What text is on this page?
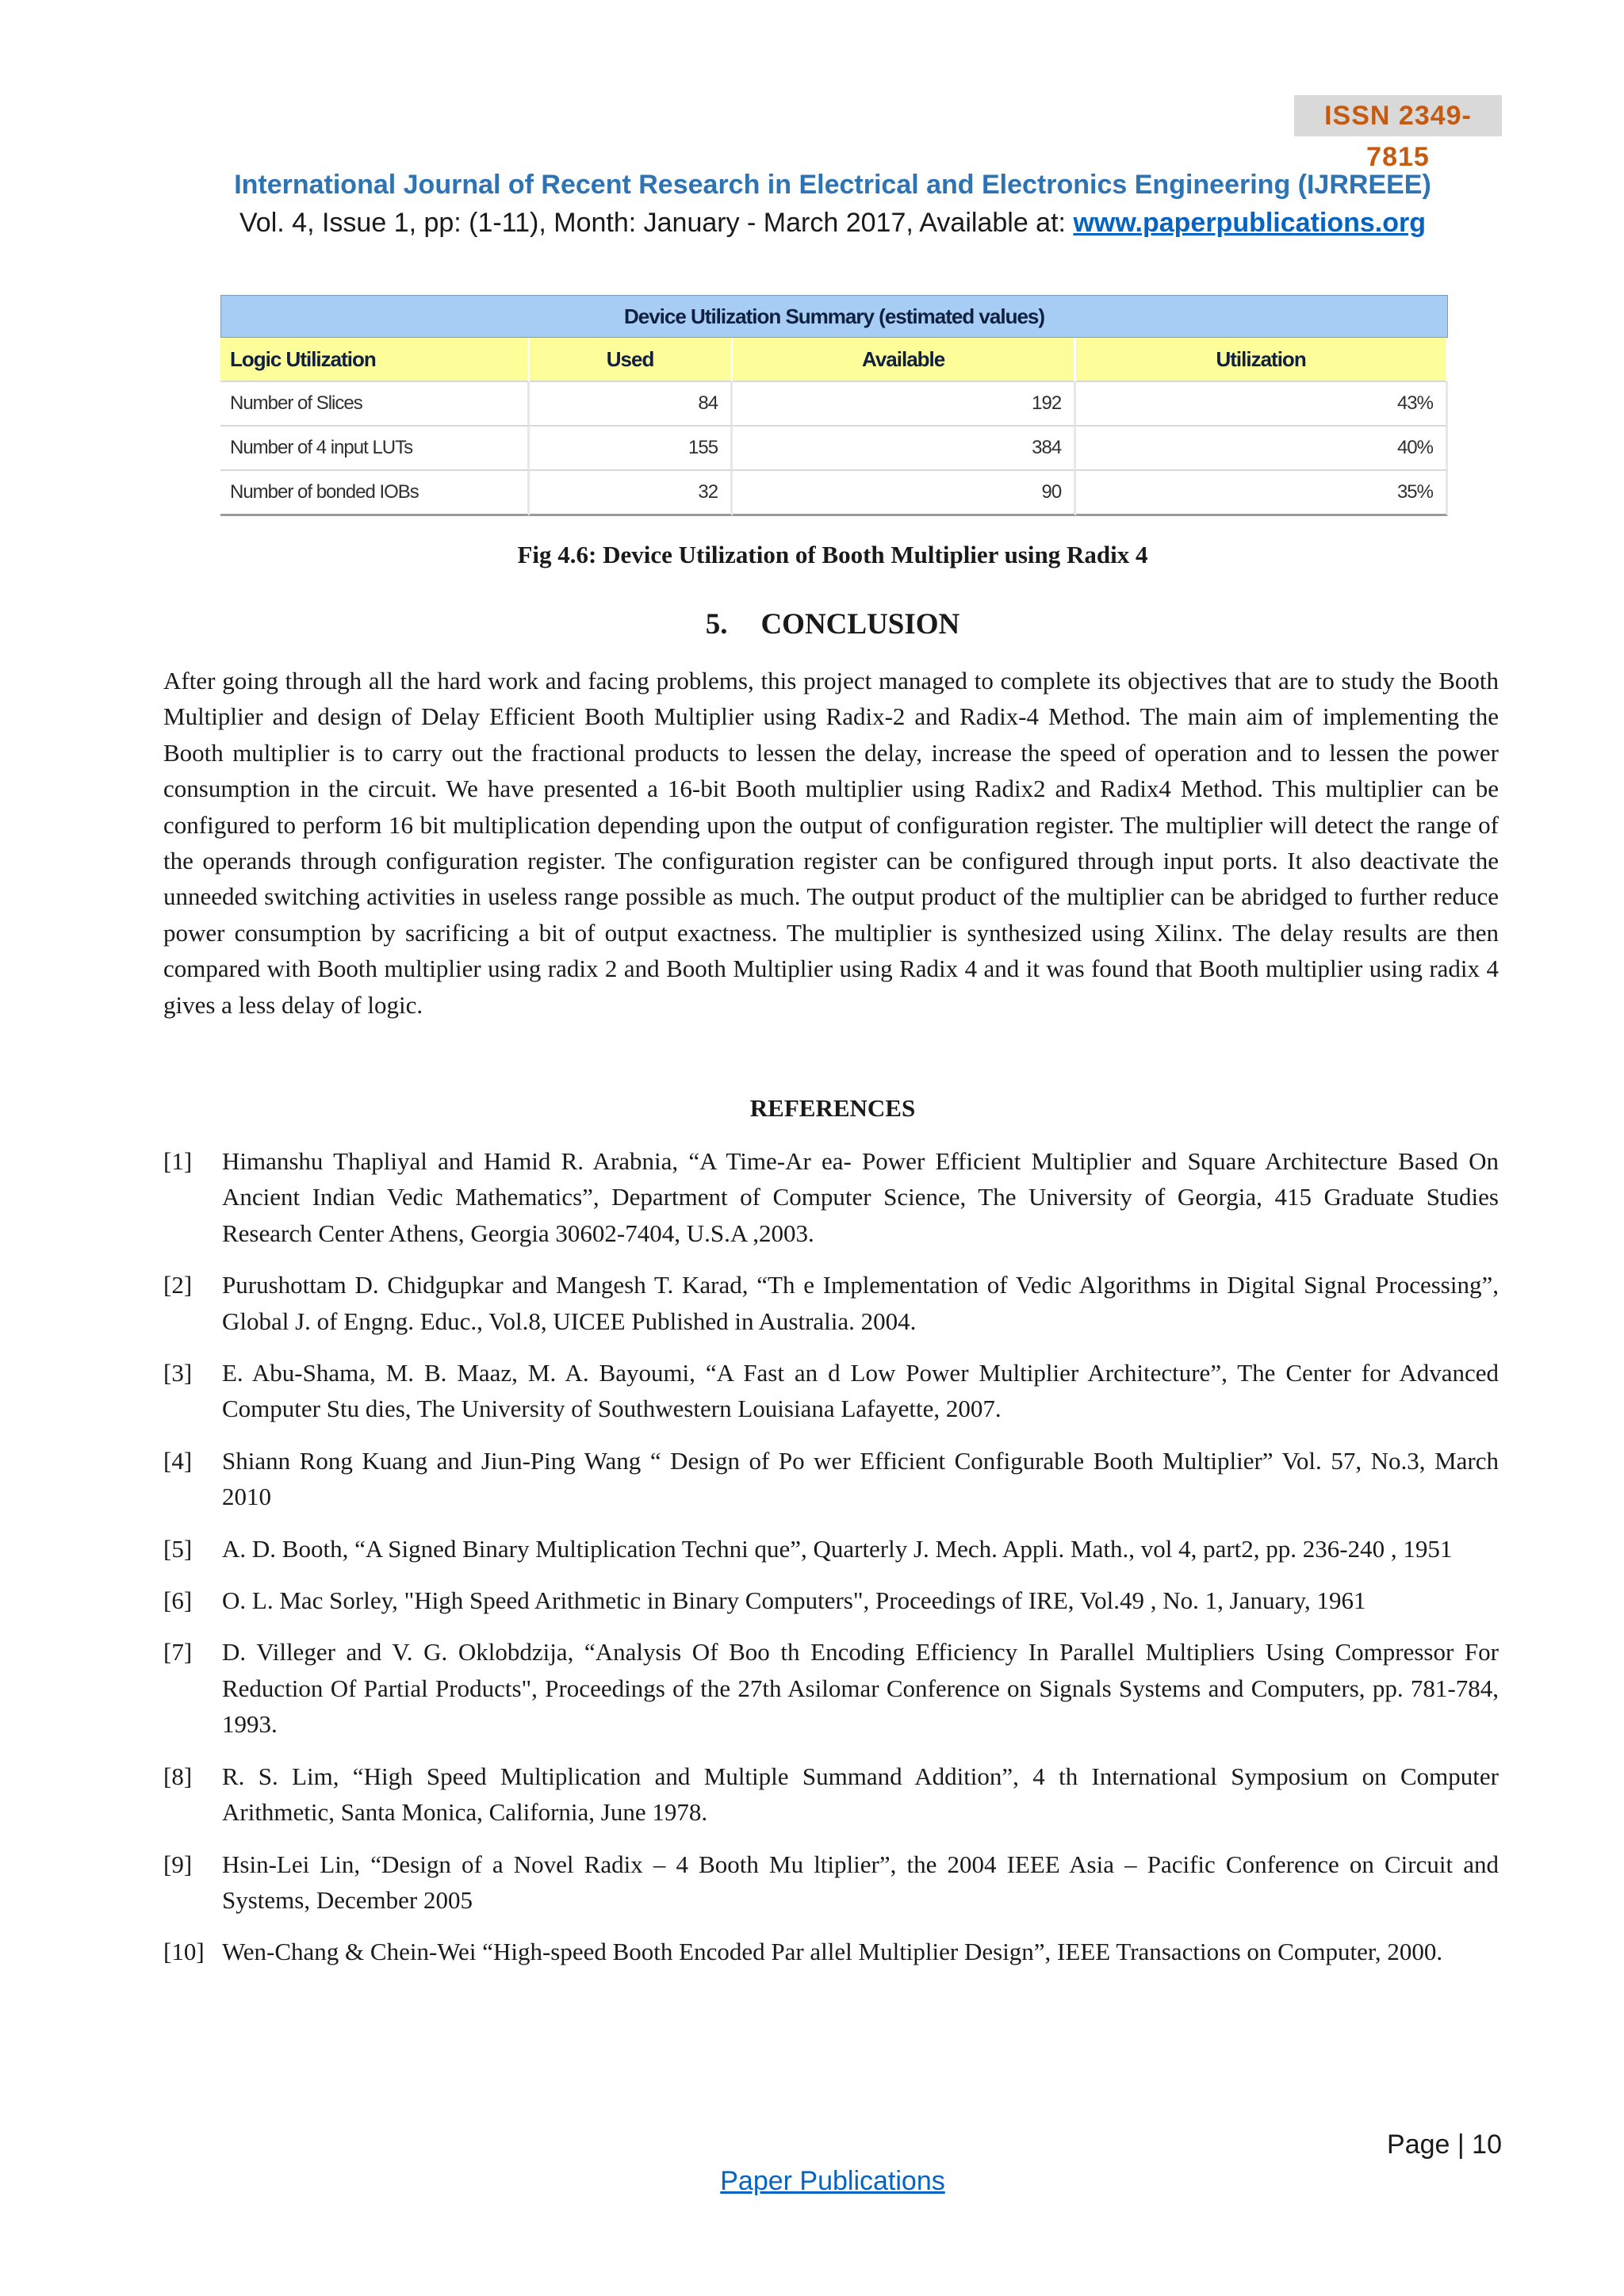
ISSN 2349-7815
International Journal of Recent Research in Electrical and Electronics Engineering (IJRREEE)
Vol. 4, Issue 1, pp: (1-11), Month: January - March 2017, Available at: www.paperpublications.org
Device Utilization Summary (estimated values)
Logic Utilization	Used	Available	Utilization
Number of Slices	84	192	43%
Number of 4 input LUTs	155	384	40%
Number of bonded IOBs	32	90	35%
Fig 4.6: Device Utilization of Booth Multiplier using Radix 4
5. CONCLUSION

After going through all the hard work and facing problems, this project managed to complete its objectives that are to study the Booth Multiplier and design of Delay Efficient Booth Multiplier using Radix-2 and Radix-4 Method. The main aim of implementing the Booth multiplier is to carry out the fractional products to lessen the delay, increase the speed of operation and to lessen the power consumption in the circuit. We have presented a 16-bit Booth multiplier using Radix2 and Radix4 Method. This multiplier can be configured to perform 16 bit multiplication depending upon the output of configuration register. The multiplier will detect the range of the operands through configuration register. The configuration register can be configured through input ports. It also deactivate the unneeded switching activities in useless range possible as much. The output product of the multiplier can be abridged to further reduce power consumption by sacrificing a bit of output exactness. The multiplier is synthesized using Xilinx. The delay results are then compared with Booth multiplier using radix 2 and Booth Multiplier using Radix 4 and it was found that Booth multiplier using radix 4 gives a less delay of logic.

REFERENCES
[1]	Himanshu Thapliyal and Hamid R. Arabnia, “A Time-Ar ea- Power Efficient Multiplier and Square Architecture Based On Ancient Indian Vedic Mathematics”, Department of Computer Science, The University of Georgia, 415 Graduate Studies Research Center Athens, Georgia 30602-7404, U.S.A ,2003.
[2]	Purushottam D. Chidgupkar and Mangesh T. Karad, “Th e Implementation of Vedic Algorithms in Digital Signal Processing”, Global J. of Engng. Educ., Vol.8, UICEE Published in Australia. 2004.
[3]	E. Abu-Shama, M. B. Maaz, M. A. Bayoumi, “A Fast an d Low Power Multiplier Architecture”, The Center for Advanced Computer Stu dies, The University of Southwestern Louisiana Lafayette, 2007.
[4]	Shiann Rong Kuang and Jiun-Ping Wang “ Design of Po wer Efficient Configurable Booth Multiplier” Vol. 57, No.3, March 2010
[5]	A. D. Booth, “A Signed Binary Multiplication Techni que”, Quarterly J. Mech. Appli. Math., vol 4, part2, pp. 236-240 , 1951
[6]	O. L. Mac Sorley, "High Speed Arithmetic in Binary Computers", Proceedings of IRE, Vol.49 , No. 1, January, 1961
[7]	D. Villeger and V. G. Oklobdzija, “Analysis Of Boo th Encoding Efficiency In Parallel Multipliers Using Compressor For Reduction Of Partial Products", Proceedings of the 27th Asilomar Conference on Signals Systems and Computers, pp. 781-784, 1993.
[8]	R. S. Lim, “High Speed Multiplication and Multiple Summand Addition”, 4 th International Symposium on Computer Arithmetic, Santa Monica, California, June 1978.
[9]	Hsin-Lei Lin, “Design of a Novel Radix – 4 Booth Mu ltiplier”, the 2004 IEEE Asia – Pacific Conference on Circuit and Systems, December 2005
[10] Wen-Chang & Chein-Wei “High-speed Booth Encoded Par allel Multiplier Design”, IEEE Transactions on Computer, 2000.
Page | 10
Paper Publications
